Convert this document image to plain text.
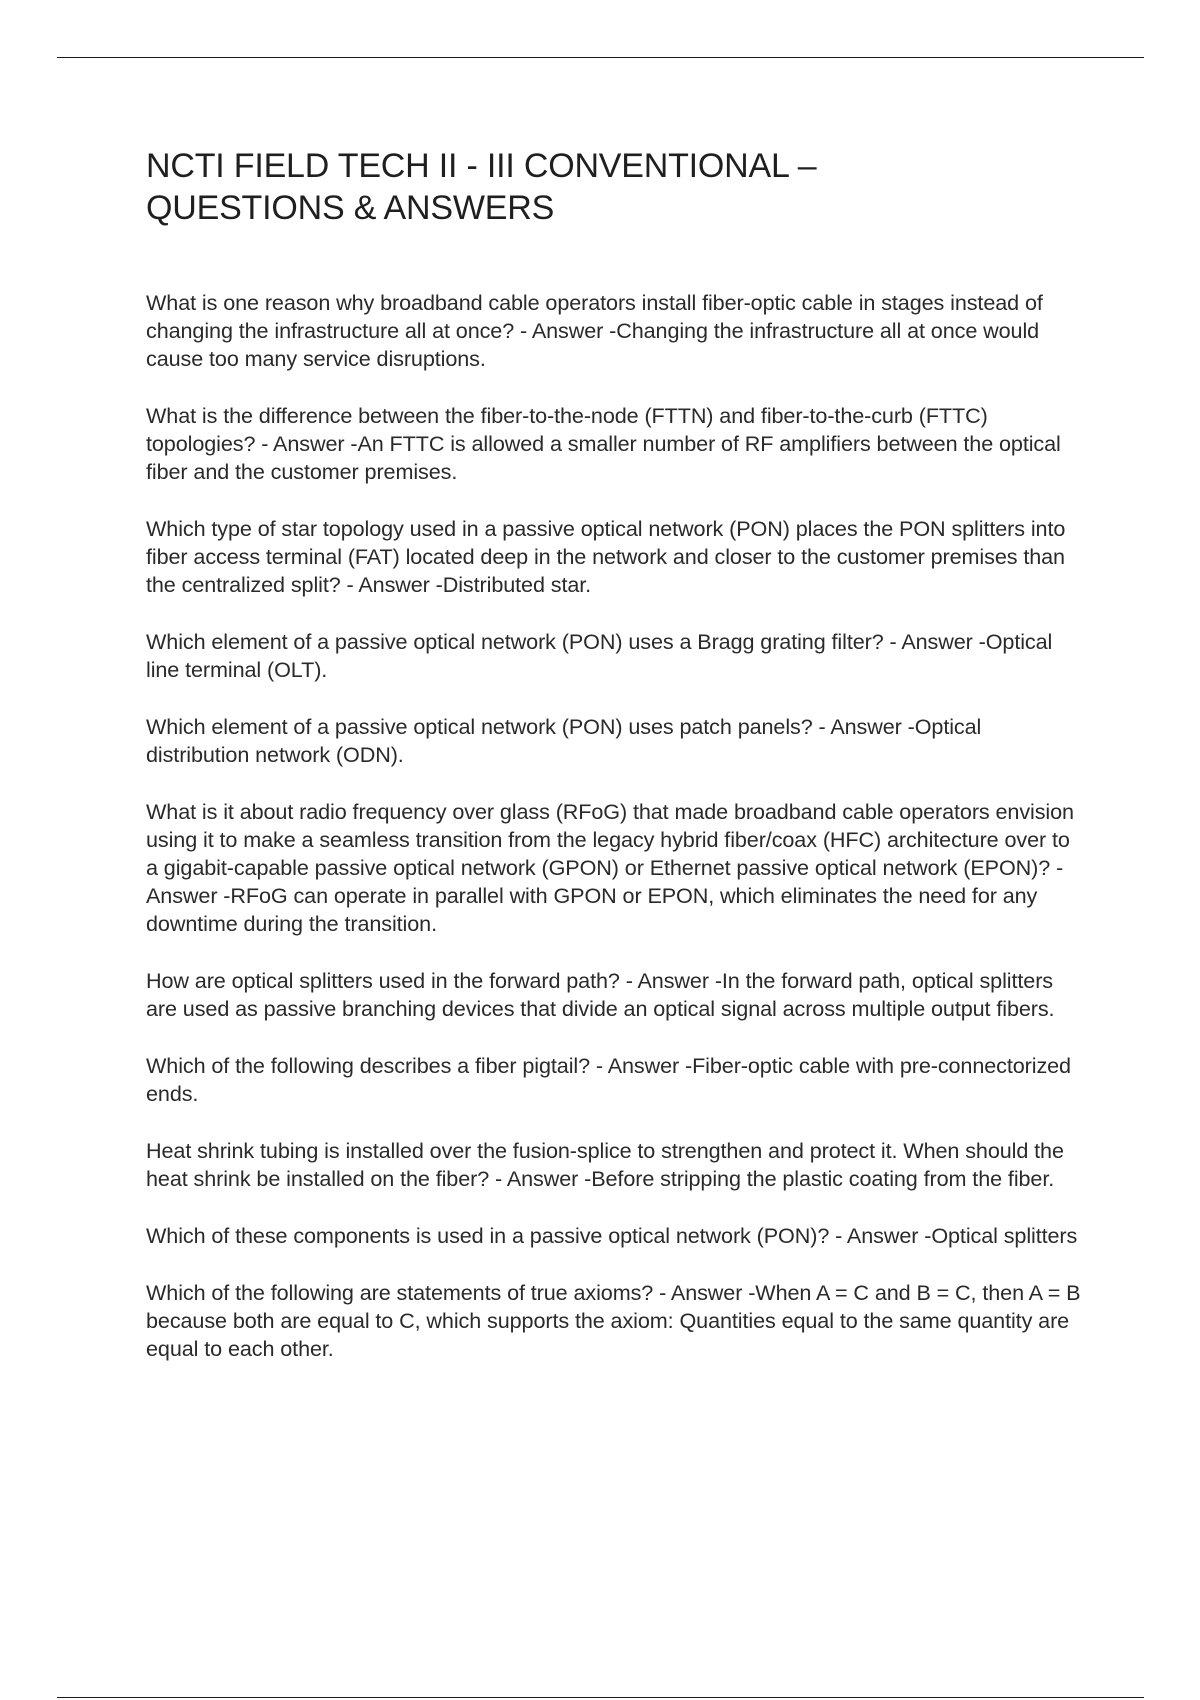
NCTI FIELD TECH II - III CONVENTIONAL –
QUESTIONS & ANSWERS

What is one reason why broadband cable operators install fiber-optic cable in stages instead of changing the infrastructure all at once? - Answer -Changing the infrastructure all at once would cause too many service disruptions.

What is the difference between the fiber-to-the-node (FTTN) and fiber-to-the-curb (FTTC) topologies? - Answer -An FTTC is allowed a smaller number of RF amplifiers between the optical fiber and the customer premises.

Which type of star topology used in a passive optical network (PON) places the PON splitters into fiber access terminal (FAT) located deep in the network and closer to the customer premises than the centralized split? - Answer -Distributed star.

Which element of a passive optical network (PON) uses a Bragg grating filter? - Answer -Optical line terminal (OLT).

Which element of a passive optical network (PON) uses patch panels? - Answer -Optical distribution network (ODN).

What is it about radio frequency over glass (RFoG) that made broadband cable operators envision using it to make a seamless transition from the legacy hybrid fiber/coax (HFC) architecture over to a gigabit-capable passive optical network (GPON) or Ethernet passive optical network (EPON)? - Answer -RFoG can operate in parallel with GPON or EPON, which eliminates the need for any downtime during the transition.

How are optical splitters used in the forward path? - Answer -In the forward path, optical splitters are used as passive branching devices that divide an optical signal across multiple output fibers.

Which of the following describes a fiber pigtail? - Answer -Fiber-optic cable with pre-connectorized ends.

Heat shrink tubing is installed over the fusion-splice to strengthen and protect it. When should the heat shrink be installed on the fiber? - Answer -Before stripping the plastic coating from the fiber.

Which of these components is used in a passive optical network (PON)? - Answer -Optical splitters

Which of the following are statements of true axioms? - Answer -When A = C and B = C, then A = B because both are equal to C, which supports the axiom: Quantities equal to the same quantity are equal to each other.
